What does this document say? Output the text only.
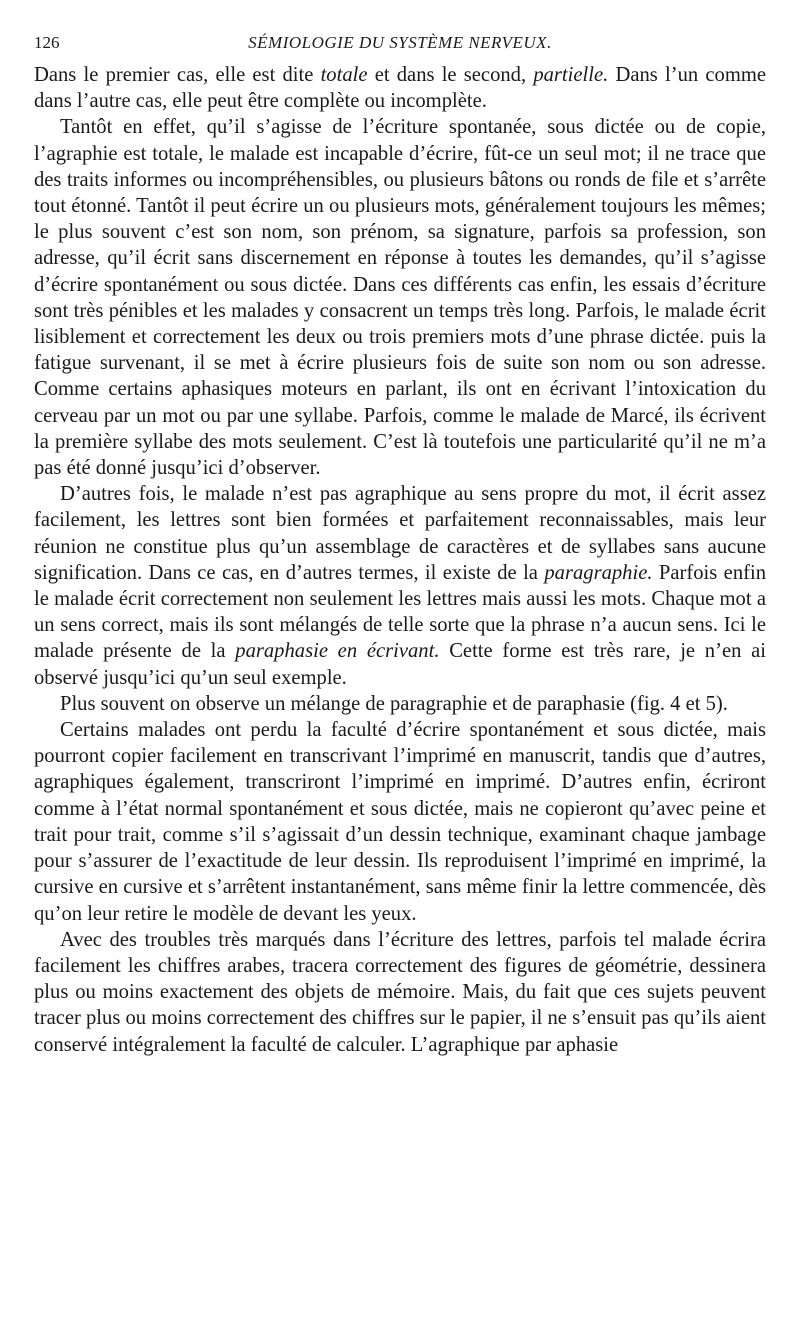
126	SÉMIOLOGIE DU SYSTÈME NERVEUX.

Dans le premier cas, elle est dite totale et dans le second, partielle. Dans l’un comme dans l’autre cas, elle peut être complète ou incomplète.

Tantôt en effet, qu’il s’agisse de l’écriture spontanée, sous dictée ou de copie, l’agraphie est totale, le malade est incapable d’écrire, fût-ce un seul mot; il ne trace que des traits informes ou incompréhensibles, ou plusieurs bâtons ou ronds de file et s’arrête tout étonné. Tantôt il peut écrire un ou plusieurs mots, généralement toujours les mêmes; le plus souvent c’est son nom, son prénom, sa signature, parfois sa profession, son adresse, qu’il écrit sans discernement en réponse à toutes les demandes, qu’il s’agisse d’écrire spontanément ou sous dictée. Dans ces différents cas enfin, les essais d’écriture sont très pénibles et les malades y consacrent un temps très long. Parfois, le malade écrit lisiblement et correctement les deux ou trois premiers mots d’une phrase dictée. puis la fatigue survenant, il se met à écrire plusieurs fois de suite son nom ou son adresse. Comme certains aphasiques moteurs en parlant, ils ont en écrivant l’intoxication du cerveau par un mot ou par une syllabe. Parfois, comme le malade de Marcé, ils écrivent la première syllabe des mots seulement. C’est là toutefois une particularité qu’il ne m’a pas été donné jusqu’ici d’observer.

D’autres fois, le malade n’est pas agraphique au sens propre du mot, il écrit assez facilement, les lettres sont bien formées et parfaitement reconnaissables, mais leur réunion ne constitue plus qu’un assemblage de caractères et de syllabes sans aucune signification. Dans ce cas, en d’autres termes, il existe de la paragraphie. Parfois enfin le malade écrit correctement non seulement les lettres mais aussi les mots. Chaque mot a un sens correct, mais ils sont mélangés de telle sorte que la phrase n’a aucun sens. Ici le malade présente de la paraphasie en écrivant. Cette forme est très rare, je n’en ai observé jusqu’ici qu’un seul exemple.

Plus souvent on observe un mélange de paragraphie et de paraphasie (fig. 4 et 5).

Certains malades ont perdu la faculté d’écrire spontanément et sous dictée, mais pourront copier facilement en transcrivant l’imprimé en manuscrit, tandis que d’autres, agraphiques également, transcriront l’imprimé en imprimé. D’autres enfin, écriront comme à l’état normal spontanément et sous dictée, mais ne copieront qu’avec peine et trait pour trait, comme s’il s’agissait d’un dessin technique, examinant chaque jambage pour s’assurer de l’exactitude de leur dessin. Ils reproduisent l’imprimé en imprimé, la cursive en cursive et s’arrêtent instantanément, sans même finir la lettre commencée, dès qu’on leur retire le modèle de devant les yeux.

Avec des troubles très marqués dans l’écriture des lettres, parfois tel malade écrira facilement les chiffres arabes, tracera correctement des figures de géométrie, dessinera plus ou moins exactement des objets de mémoire. Mais, du fait que ces sujets peuvent tracer plus ou moins correctement des chiffres sur le papier, il ne s’ensuit pas qu’ils aient conservé intégralement la faculté de calculer. L’agraphique par aphasie
